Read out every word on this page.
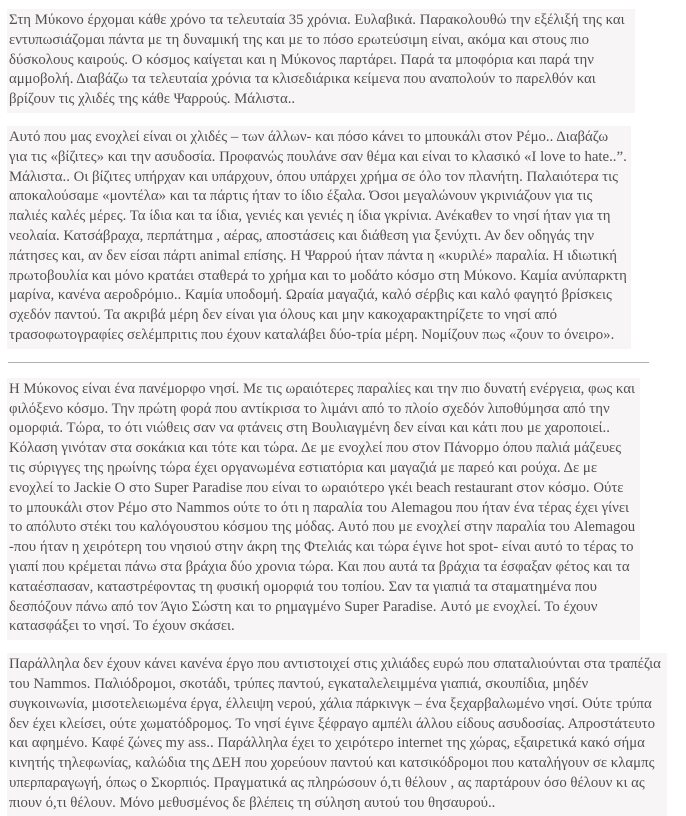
Στη Μύκονο έρχομαι κάθε χρόνο τα τελευταία 35 χρόνια. Ευλαβικά. Παρακολουθώ την εξέλιξή της και εντυπωσιάζομαι πάντα με τη δυναμική της και με το πόσο ερωτεύσιμη είναι, ακόμα και στους πιο δύσκολους καιρούς. Ο κόσμος καίγεται και η Μύκονος παρτάρει. Παρά τα μποφόρια και παρά την αμμοβολή. Διαβάζω τα τελευταία χρόνια τα κλισεδιάρικα κείμενα που αναπολούν το παρελθόν και βρίζουν τις χλιδές της κάθε Ψαρρούς. Μάλιστα..

Αυτό που μας ενοχλεί είναι οι χλιδές – των άλλων- και πόσο κάνει το μπουκάλι στον Ρέμο.. Διαβάζω για τις «βίζιτες» και την ασυδοσία. Προφανώς πουλάνε σαν θέμα και είναι το κλασικό «I love to hate..”. Μάλιστα.. Οι βίζιτες υπήρχαν και υπάρχουν, όπου υπάρχει χρήμα σε όλο τον πλανήτη. Παλαιότερα τις αποκαλούσαμε «μοντέλα» και τα πάρτις ήταν το ίδιο έξαλα. Όσοι μεγαλώνουν γκρινιάζουν για τις παλιές καλές μέρες. Τα ίδια και τα ίδια, γενιές και γενιές η ίδια γκρίνια. Ανέκαθεν το νησί ήταν για τη νεολαία. Κατσάβραχα, περπάτημα , αέρας, αποστάσεις και διάθεση για ξενύχτι. Αν δεν οδηγάς την πάτησες και, αν δεν είσαι πάρτι animal επίσης. Η Ψαρρού ήταν πάντα η «κυριλέ» παραλία. Η ιδιωτική πρωτοβουλία και μόνο κρατάει σταθερά το χρήμα και το μοδάτο κόσμο στη Μύκονο. Καμία ανύπαρκτη μαρίνα, κανένα αεροδρόμιο.. Καμία υποδομή. Ωραία μαγαζιά, καλό σέρβις και καλό φαγητό βρίσκεις σχεδόν παντού. Τα ακριβά μέρη δεν είναι για όλους και μην κακοχαρακτηρίζετε το νησί από τρασοφωτογραφίες σελέμπριτις που έχουν καταλάβει δύο-τρία μέρη. Νομίζουν πως «ζουν το όνειρο».

Η Μύκονος είναι ένα πανέμορφο νησί. Με τις ωραιότερες παραλίες και την πιο δυνατή ενέργεια, φως και φιλόξενο κόσμο. Την πρώτη φορά που αντίκρισα το λιμάνι από το πλοίο σχεδόν λιποθύμησα από την ομορφιά. Τώρα, το ότι νιώθεις σαν να φτάνεις στη Βουλιαγμένη δεν είναι και κάτι που με χαροποιεί.. Κόλαση γινόταν στα σοκάκια και τότε και τώρα. Δε με ενοχλεί που στον Πάνορμο όπου παλιά μάζευες τις σύριγγες της ηρωίνης τώρα έχει οργανωμένα εστιατόρια και μαγαζιά με παρεό και ρούχα. Δε με ενοχλεί το Jackie O στο Super Paradise που είναι το ωραιότερο γκέι beach restaurant στον κόσμο. Ούτε το μπουκάλι στον Ρέμο στο Nammos ούτε το ότι η παραλία του Alemagou που ήταν ένα τέρας έχει γίνει το απόλυτο στέκι του καλόγουστου κόσμου της μόδας. Αυτό που με ενοχλεί στην παραλία του Alemagou -που ήταν η χειρότερη του νησιού στην άκρη της Φτελιάς και τώρα έγινε hot spot- είναι αυτό το τέρας το γιαπί που κρέμεται πάνω στα βράχια δύο χρονια τώρα. Και που αυτά τα βράχια τα έσφαξαν φέτος και τα καταέσπασαν, καταστρέφοντας τη φυσική ομορφιά του τοπίου. Σαν τα γιαπιά τα σταματημένα που δεσπόζουν πάνω από τον Άγιο Σώστη και το ρημαγμένο Super Paradise. Αυτό με ενοχλεί. Το έχουν κατασφάξει το νησί. Το έχουν σκάσει.

Παράλληλα δεν έχουν κάνει κανένα έργο που αντιστοιχεί στις χιλιάδες ευρώ που σπαταλιούνται στα τραπέζια του Nammos. Παλιόδρομοι, σκοτάδι, τρύπες παντού, εγκαταλελειμμένα γιαπιά, σκουπίδια, μηδέν συγκοινωνία, μισοτελειωμένα έργα, έλλειψη νερού, χάλια πάρκινγκ – ένα ξεχαρβαλωμένο νησί. Ούτε τρύπα δεν έχει κλείσει, ούτε χωματόδρομος. Το νησί έγινε ξέφραγο αμπέλι άλλου είδους ασυδοσίας. Απροστάτευτο και αφημένο. Καφέ ζώνες my ass.. Παράλληλα έχει το χειρότερο internet της χώρας, εξαιρετικά κακό σήμα κινητής τηλεφωνίας, καλώδια της ΔΕΗ που χορεύουν παντού και κατσικόδρομοι που καταλήγουν σε κλαμπς υπερπαραγωγή, όπως ο Σκορπιός. Πραγματικά ας πληρώσουν ό,τι θέλουν , ας παρτάρουν όσο θέλουν κι ας πιουν ό,τι θέλουν. Μόνο μεθυσμένος δε βλέπεις τη σύληση αυτού του θησαυρού..
